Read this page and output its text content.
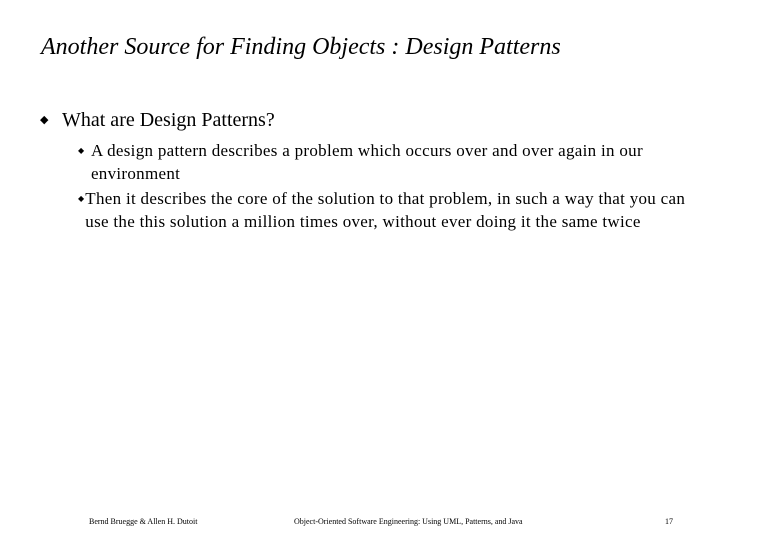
Another Source for Finding Objects : Design Patterns
◆ What are Design Patterns?
◆ A design pattern describes a problem which occurs over and over again in our environment
◆ Then it describes the core of the solution to that problem, in such a way that you can use the this solution a million times over, without ever doing it the same twice
Bernd Bruegge & Allen H. Dutoit	Object-Oriented Software Engineering: Using UML, Patterns, and Java	17
